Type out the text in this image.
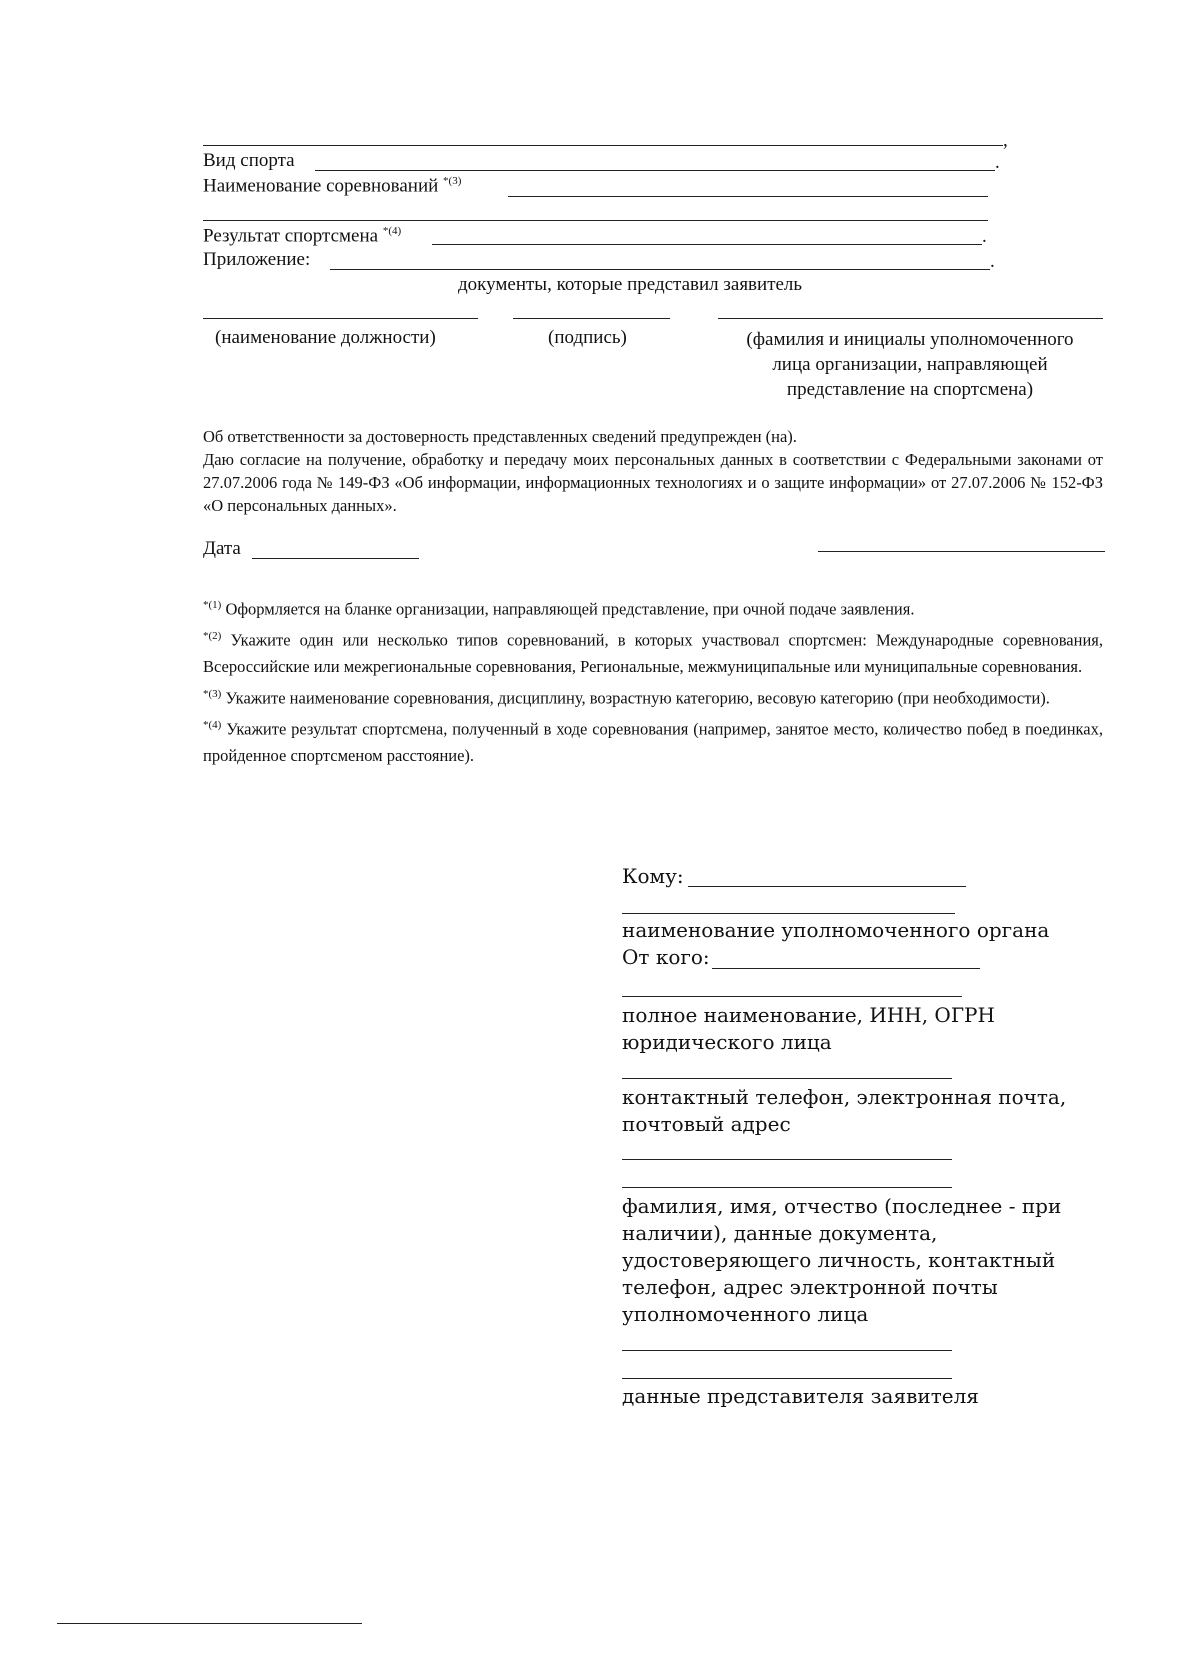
,
Вид спорта	.
Наименование соревнований $^{*(3)}$
Результат спортсмена $^{*(4)}$	.
Приложение:	.
документы, которые представил заявитель
(наименование должности)	(подпись)	(фамилия и инициалы уполномоченного
лица организации, направляющей
представление на спортсмена)
Об ответственности за достоверность представленных сведений предупрежден (на).
Даю согласие на получение, обработку и передачу моих персональных данных в соответствии с Федеральными законами от 27.07.2006 года № 149-ФЗ «Об информации, информационных технологиях и о защите информации» от 27.07.2006 № 152-ФЗ «О персональных данных».
Дата
$^{*(1)}$ Оформляется на бланке организации, направляющей представление, при очной подаче заявления.
$^{*(2)}$ Укажите один или несколько типов соревнований, в которых участвовал спортсмен: Международные соревнования, Всероссийские или межрегиональные соревнования, Региональные, межмуниципальные или муниципальные соревнования.
$^{*(3)}$ Укажите наименование соревнования, дисциплину, возрастную категорию, весовую категорию (при необходимости).
$^{*(4)}$ Укажите результат спортсмена, полученный в ходе соревнования (например, занятое место, количество побед в поединках, пройденное спортсменом расстояние).
Кому:
наименование уполномоченного органа
От кого:
полное наименование, ИНН, ОГРН
юридического лица
контактный телефон, электронная почта,
почтовый адрес
фамилия, имя, отчество (последнее - при
наличии), данные документа,
удостоверяющего личность, контактный
телефон, адрес электронной почты
уполномоченного лица
данные представителя заявителя
